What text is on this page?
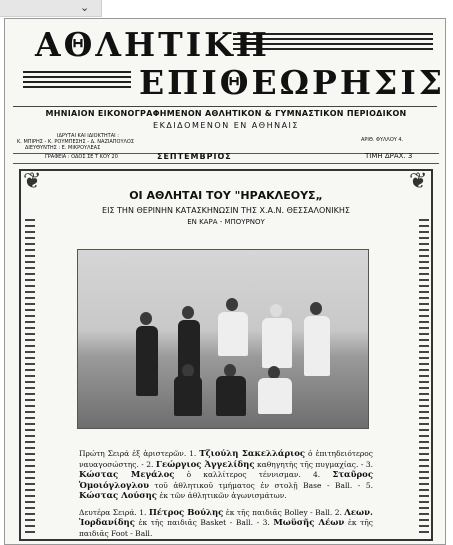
⌄
ΑΘΛΗΤΙΚΗ
ΕΠΙΘΕΩΡΗΣΙΣ
ΜΗΝΙΑΙΟΝ ΕΙΚΟΝΟΓΡΑΦΗΜΕΝΟΝ ΑΘΛΗΤΙΚΟΝ & ΓΥΜΝΑΣΤΙΚΟΝ ΠΕΡΙΟΔΙΚΟΝ
ΕΚΔΙΔΟΜΕΝΟΝ ΕΝ ΑΘΗΝΑΙΣ
ΙΔΡΥΤΑΙ ΚΑΙ ΙΔΙΟΚΤΗΤΑΙ :
Κ. ΜΠΙΡΗΣ - Κ. ΡΟΥΜΠΕΣΗΣ - Δ. ΝΑΖΙΑΠΟΥΛΟΣ
ΔΙΕΥΘΥΝΤΗΣ : Ε. ΜΙΚΡΟΥΛΕΑΣ
ΑΡΙΘ. ΦΥΛΛΟΥ 4.
ΓΡΑΦΕΙΑ : ΟΔΟΣ ΣΕ Τ ΚΟΥ 20	ΣΕΠΤΕΜΒΡΙΟΣ	ΤΙΜΗ ΔΡΑΧ. 3
❦	❦
ΟΙ ΑΘΛΗΤΑΙ ΤΟΥ "ΗΡΑΚΛΕΟΥΣ„
ΕΙΣ ΤΗΝ ΘΕΡΙΝΗΝ ΚΑΤΑΣΚΗΝΩΣΙΝ ΤΗΣ Χ.Α.Ν. ΘΕΣΣΑΛΟΝΙΚΗΣ
ΕΝ ΚΑΡΑ - ΜΠΟΥΡΝΟΥ
Πρώτη Σειρά ἐξ ἀριστερῶν. 1. Τζιούλη Σακελλάριος ὁ ἐπιτηδειότερος ναυαγοσώστης. - 2. Γεώργιος Ἀγγελίδης καθηγητὴς τῆς πυγμαχίας. - 3. Κώστας Μεγάλος ὁ καλλίτερος τέννισμαν. 4. Σταῦρος Ὁμοιόγλογλου τοῦ ἀθλητικοῦ τμήματος ἐν στολῇ Base - Ball. - 5. Κώστας Λούσης ἐκ τῶν ἀθλητικῶν ἀγωνισμάτων.
Δευτέρα Σειρά. 1. Πέτρος Βούλης ἐκ τῆς παιδιᾶς Bolley - Ball. 2. Λεων. Ἰορδανίδης ἐκ τῆς παιδιᾶς Basket - Ball. - 3. Μωϋσῆς Λέων ἐκ τῆς παιδιᾶς Foot - Ball.
